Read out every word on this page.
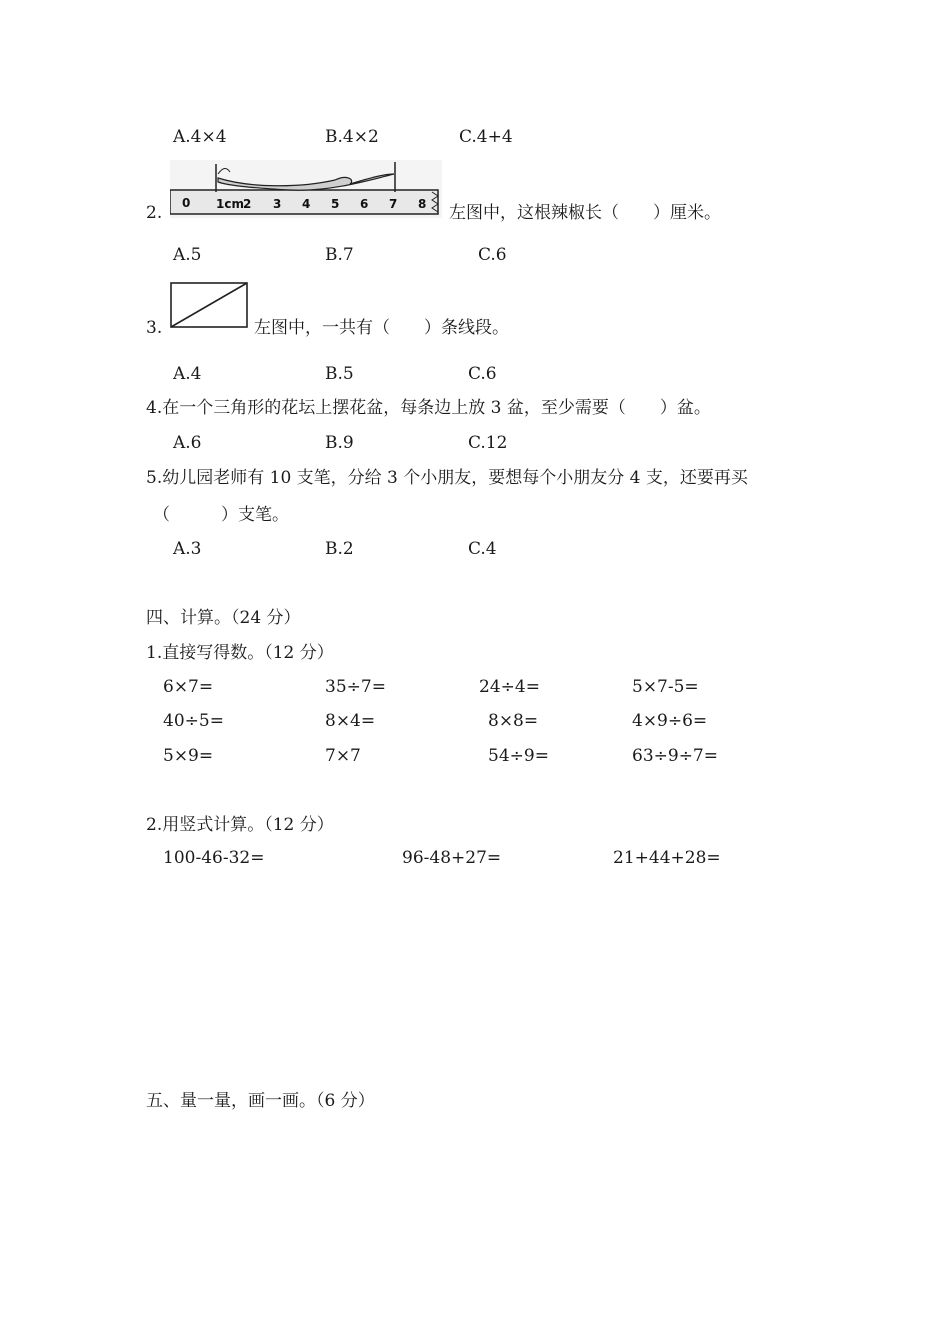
A.4×4	B.4×2	C.4+4
2. 0 1cm 2 3 4 5 6 7 8 左图中，这根辣椒长（　　）厘米。
A.5	B.7	C.6
3.	左图中，一共有（　　）条线段。
A.4	B.5	C.6
4.在一个三角形的花坛上摆花盆，每条边上放 3 盆，至少需要（　　）盆。
A.6	B.9	C.12
5.幼儿园老师有 10 支笔，分给 3 个小朋友，要想每个小朋友分 4 支，还要再买
（　　　）支笔。
A.3	B.2	C.4
四、计算。（24 分）
1.直接写得数。（12 分）
6×7=	35÷7=	24÷4=	5×7-5=
40÷5=	8×4=	8×8=	4×9÷6=
5×9=	7×7	54÷9=	63÷9÷7=
2.用竖式计算。（12 分）
100-46-32=	96-48+27=	21+44+28=
五、量一量，画一画。（6 分）
